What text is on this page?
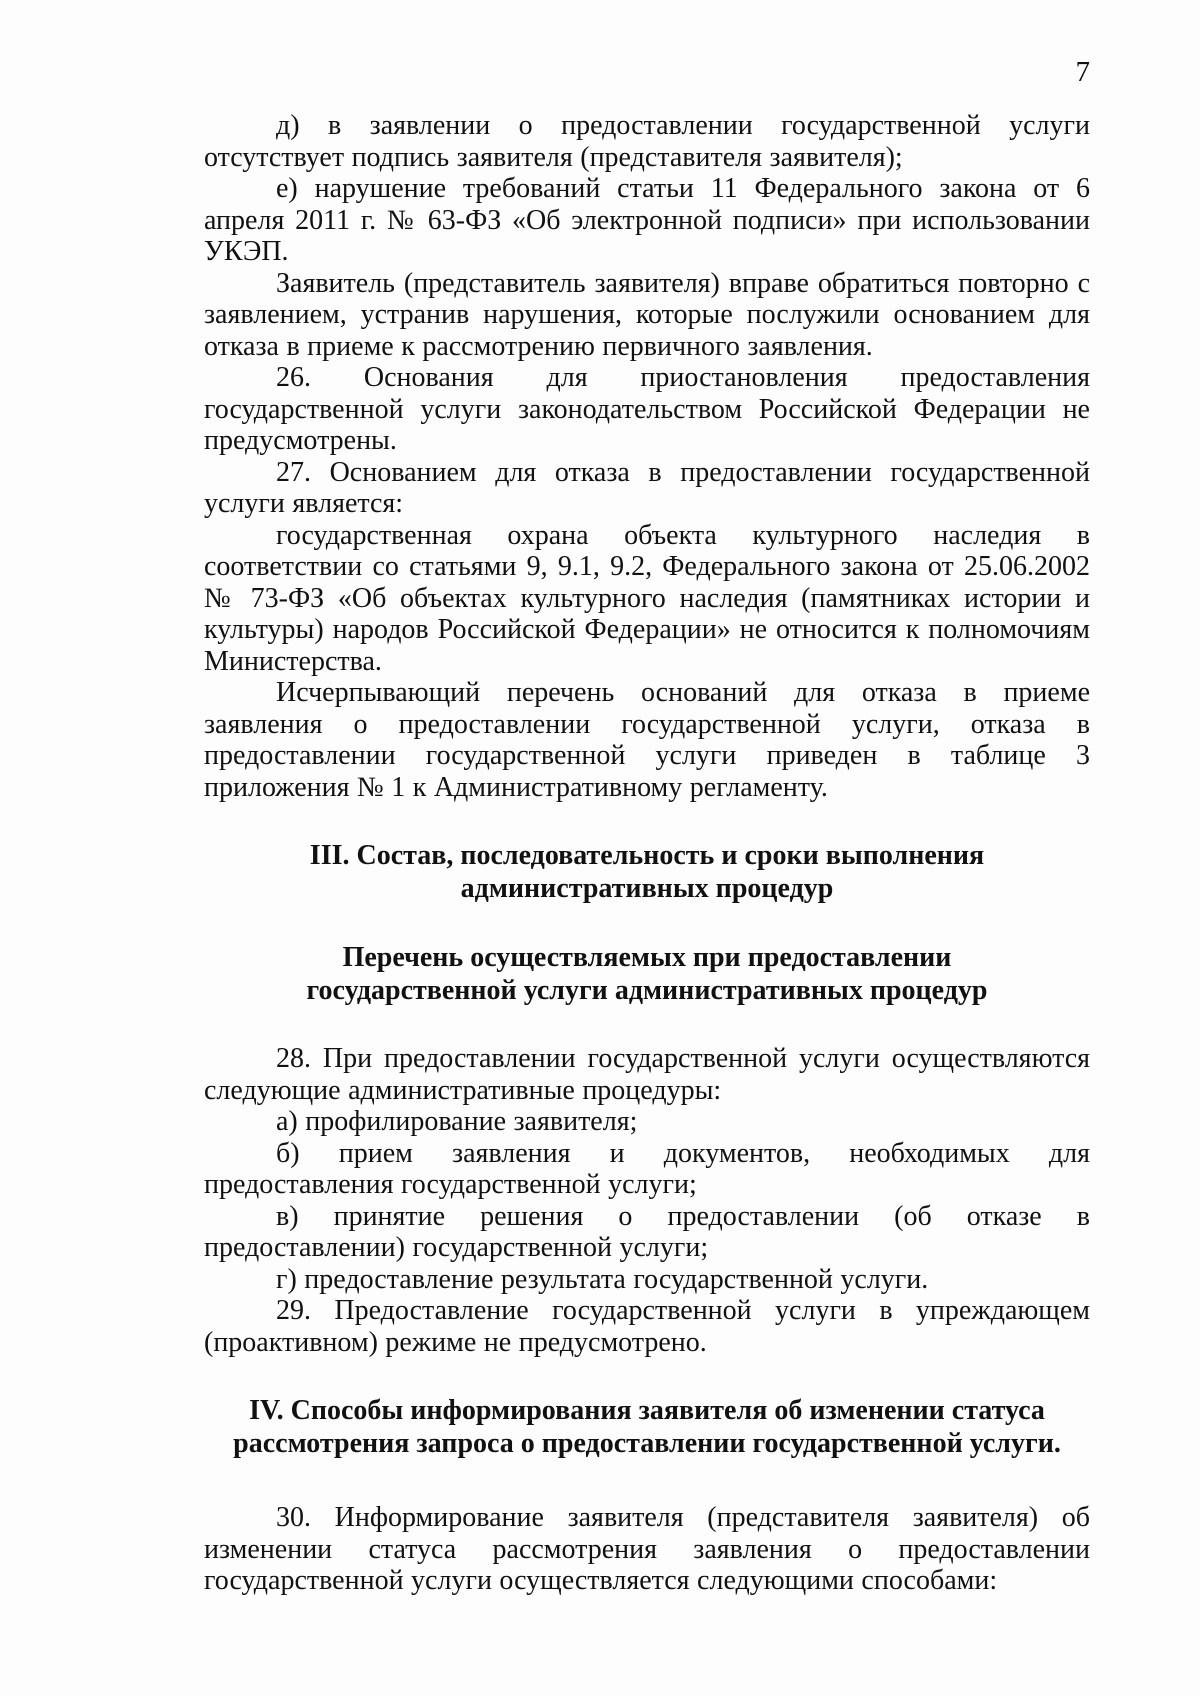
7

д) в заявлении о предоставлении государственной услуги отсутствует подпись заявителя (представителя заявителя);

е) нарушение требований статьи 11 Федерального закона от 6 апреля 2011 г. № 63-ФЗ «Об электронной подписи» при использовании УКЭП.

Заявитель (представитель заявителя) вправе обратиться повторно с заявлением, устранив нарушения, которые послужили основанием для отказа в приеме к рассмотрению первичного заявления.

26. Основания для приостановления предоставления государственной услуги законодательством Российской Федерации не предусмотрены.

27. Основанием для отказа в предоставлении государственной услуги является:

государственная охрана объекта культурного наследия в соответствии со статьями 9, 9.1, 9.2, Федерального закона от 25.06.2002 № 73-ФЗ «Об объектах культурного наследия (памятниках истории и культуры) народов Российской Федерации» не относится к полномочиям Министерства.

Исчерпывающий перечень оснований для отказа в приеме заявления о предоставлении государственной услуги, отказа в предоставлении государственной услуги приведен в таблице 3 приложения № 1 к Административному регламенту.

III. Состав, последовательность и сроки выполнения

административных процедур

Перечень осуществляемых при предоставлении

государственной услуги административных процедур

28. При предоставлении государственной услуги осуществляются следующие административные процедуры:

а) профилирование заявителя;

б) прием заявления и документов, необходимых для предоставления государственной услуги;

в) принятие решения о предоставлении (об отказе в предоставлении) государственной услуги;

г) предоставление результата государственной услуги.

29. Предоставление государственной услуги в упреждающем (проактивном) режиме не предусмотрено.

IV. Способы информирования заявителя об изменении статуса

рассмотрения запроса о предоставлении государственной услуги.

30. Информирование заявителя (представителя заявителя) об изменении статуса рассмотрения заявления о предоставлении государственной услуги осуществляется следующими способами:
